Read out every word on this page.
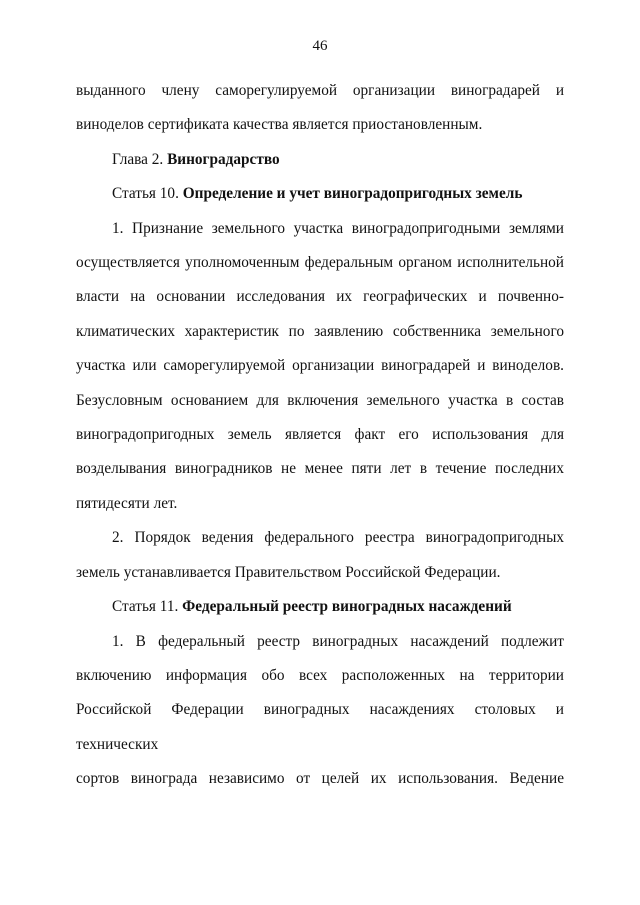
46

выданного члену саморегулируемой организации виноградарей и

виноделов сертификата качества является приостановленным.

Глава 2. Виноградарство

Статья 10. Определение и учет виноградопригодных земель

1. Признание земельного участка виноградопригодными землями

осуществляется уполномоченным федеральным органом исполнительной

власти на основании исследования их географических и почвенно-

климатических характеристик по заявлению собственника земельного

участка или саморегулируемой организации виноградарей и виноделов.

Безусловным основанием для включения земельного участка в состав

виноградопригодных земель является факт его использования для

возделывания виноградников не менее пяти лет в течение последних

пятидесяти лет.

2. Порядок ведения федерального реестра виноградопригодных

земель устанавливается Правительством Российской Федерации.

Статья 11. Федеральный реестр виноградных насаждений

1. В федеральный реестр виноградных насаждений подлежит

включению информация обо всех расположенных на территории

Российской Федерации виноградных насаждениях столовых и технических

сортов винограда независимо от целей их использования. Ведение
